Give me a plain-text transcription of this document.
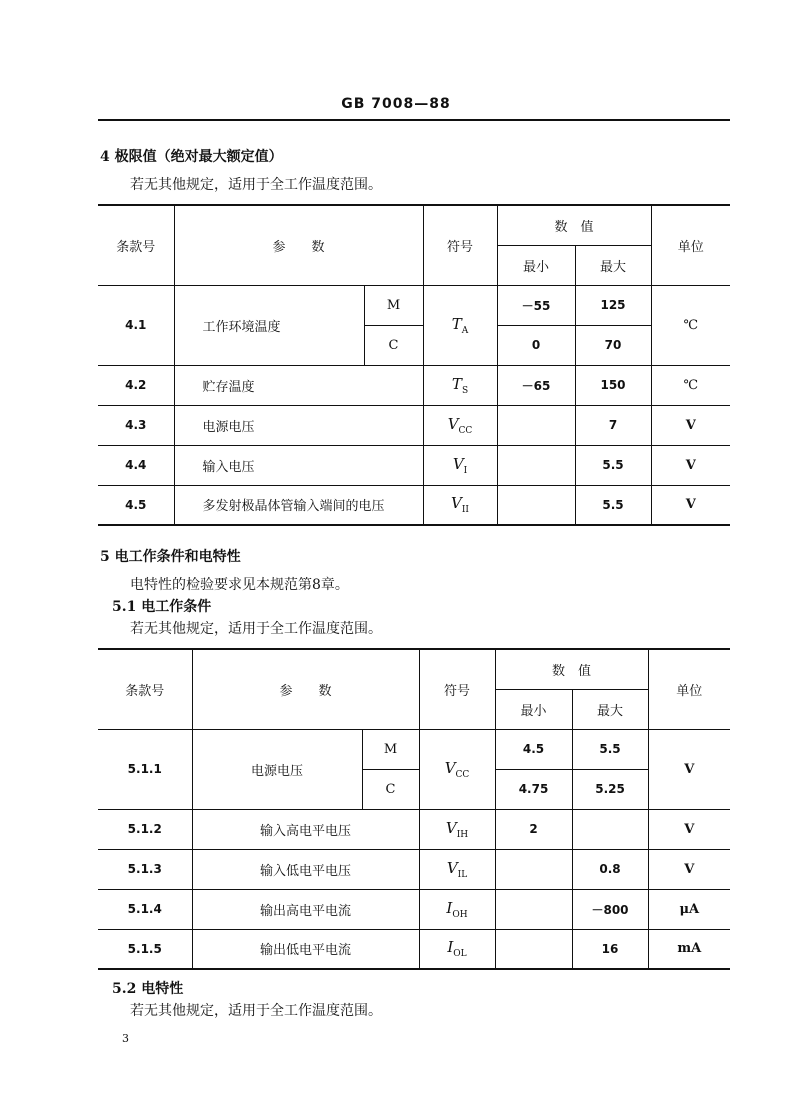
GB 7008—88
4 极限值（绝对最大额定值）
若无其他规定，适用于全工作温度范围。
条款号	参　　数		符号	数　值		单位
				最小	最大	
4.1	工作环境温度	M	$T_A$	－55	125	℃
		C		0	70	
4.2	贮存温度		$T_S$	－65	150	℃
4.3	电源电压		$V_{CC}$		7	V
4.4	输入电压		$V_I$		5.5	V
4.5	多发射极晶体管输入端间的电压		$V_{II}$		5.5	V
5 电工作条件和电特性
电特性的检验要求见本规范第8章。
5.1 电工作条件
若无其他规定，适用于全工作温度范围。
条款号	参　　数		符号	数　值		单位
				最小	最大	
5.1.1	电源电压	M	$V_{CC}$	4.5	5.5	V
		C		4.75	5.25	
5.1.2	输入高电平电压		$V_{IH}$	2		V
5.1.3	输入低电平电压		$V_{IL}$		0.8	V
5.1.4	输出高电平电流		$I_{OH}$		－800	μA
5.1.5	输出低电平电流		$I_{OL}$		16	mA
5.2 电特性
若无其他规定，适用于全工作温度范围。
3
